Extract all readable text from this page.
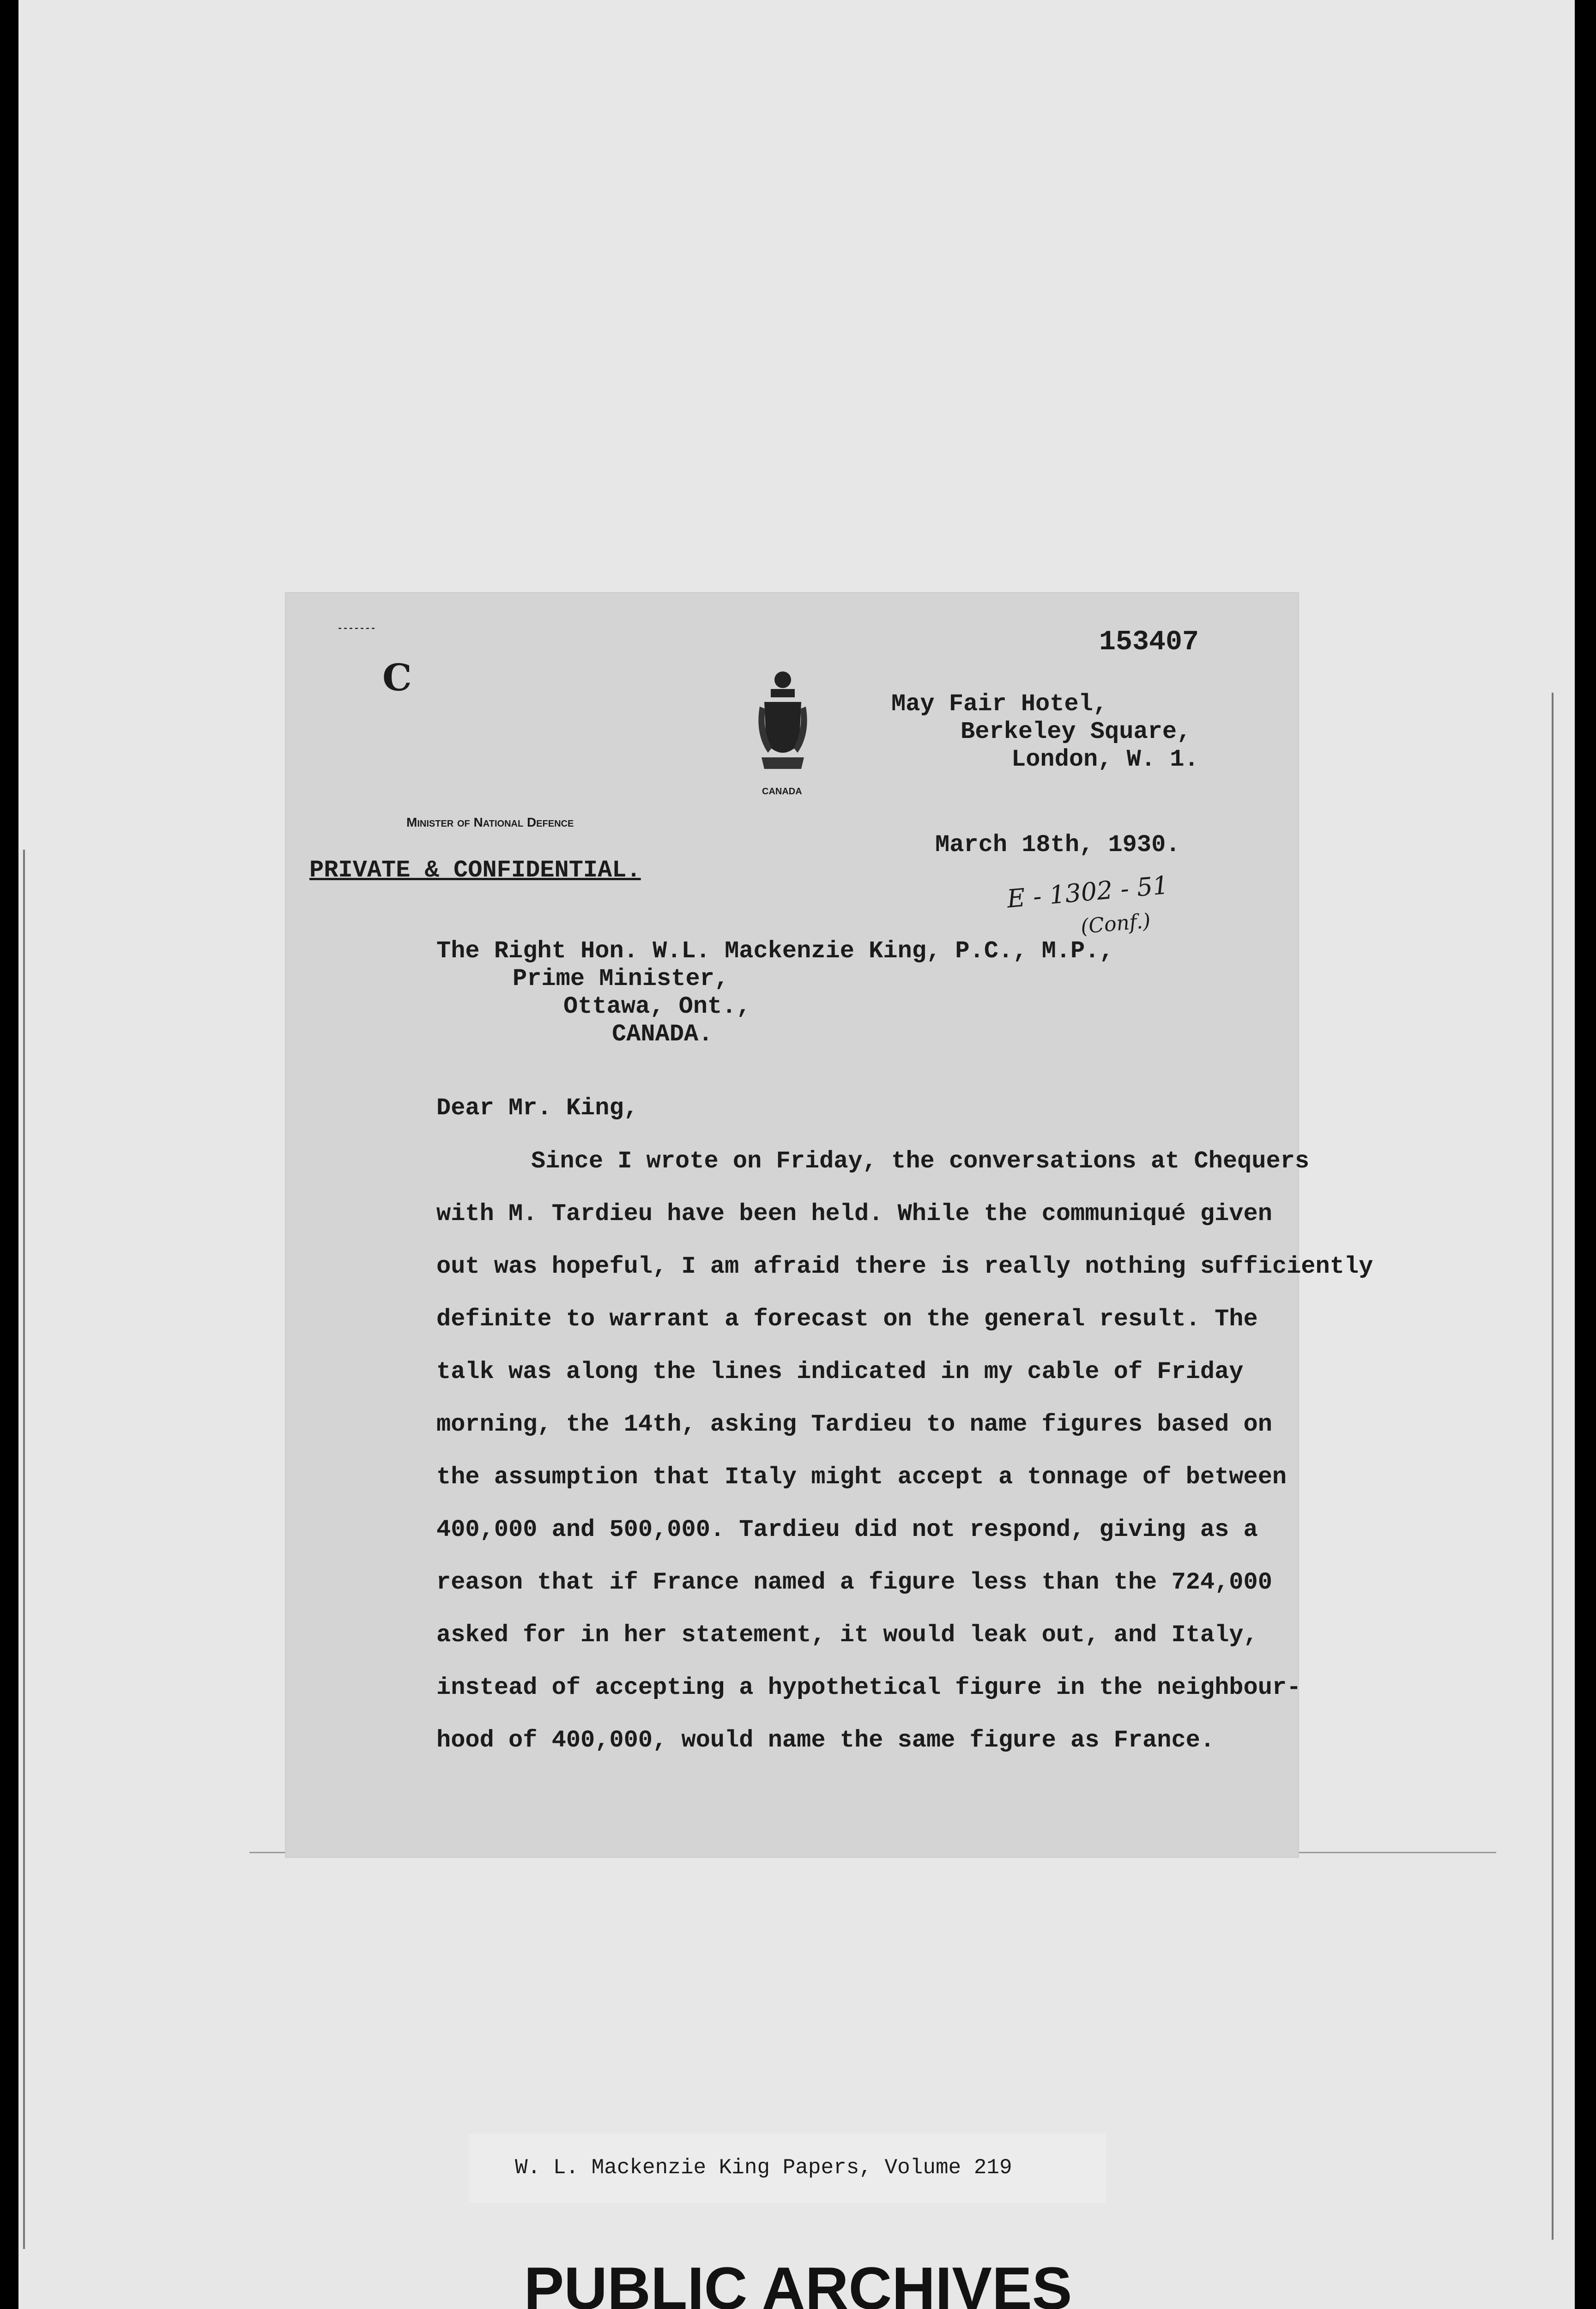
-------
C
153407
CANADA
May Fair Hotel,
Berkeley Square,
London, W. 1.
Minister of National Defence
March 18th, 1930.
PRIVATE & CONFIDENTIAL.
E - 1302 - 51
(Conf.)
The Right Hon. W.L. Mackenzie King, P.C., M.P.,
Prime Minister,
Ottawa, Ont.,
CANADA.
Dear Mr. King,
Since I wrote on Friday, the conversations at Chequers
with M. Tardieu have been held. While the communiqué given
out was hopeful, I am afraid there is really nothing sufficiently
definite to warrant a forecast on the general result. The
talk was along the lines indicated in my cable of Friday
morning, the 14th, asking Tardieu to name figures based on
the assumption that Italy might accept a tonnage of between
400,000 and 500,000. Tardieu did not respond, giving as a
reason that if France named a figure less than the 724,000
asked for in her statement, it would leak out, and Italy,
instead of accepting a hypothetical figure in the neighbour-
hood of 400,000, would name the same figure as France.
W. L. Mackenzie King Papers, Volume 219
PUBLIC ARCHIVES
